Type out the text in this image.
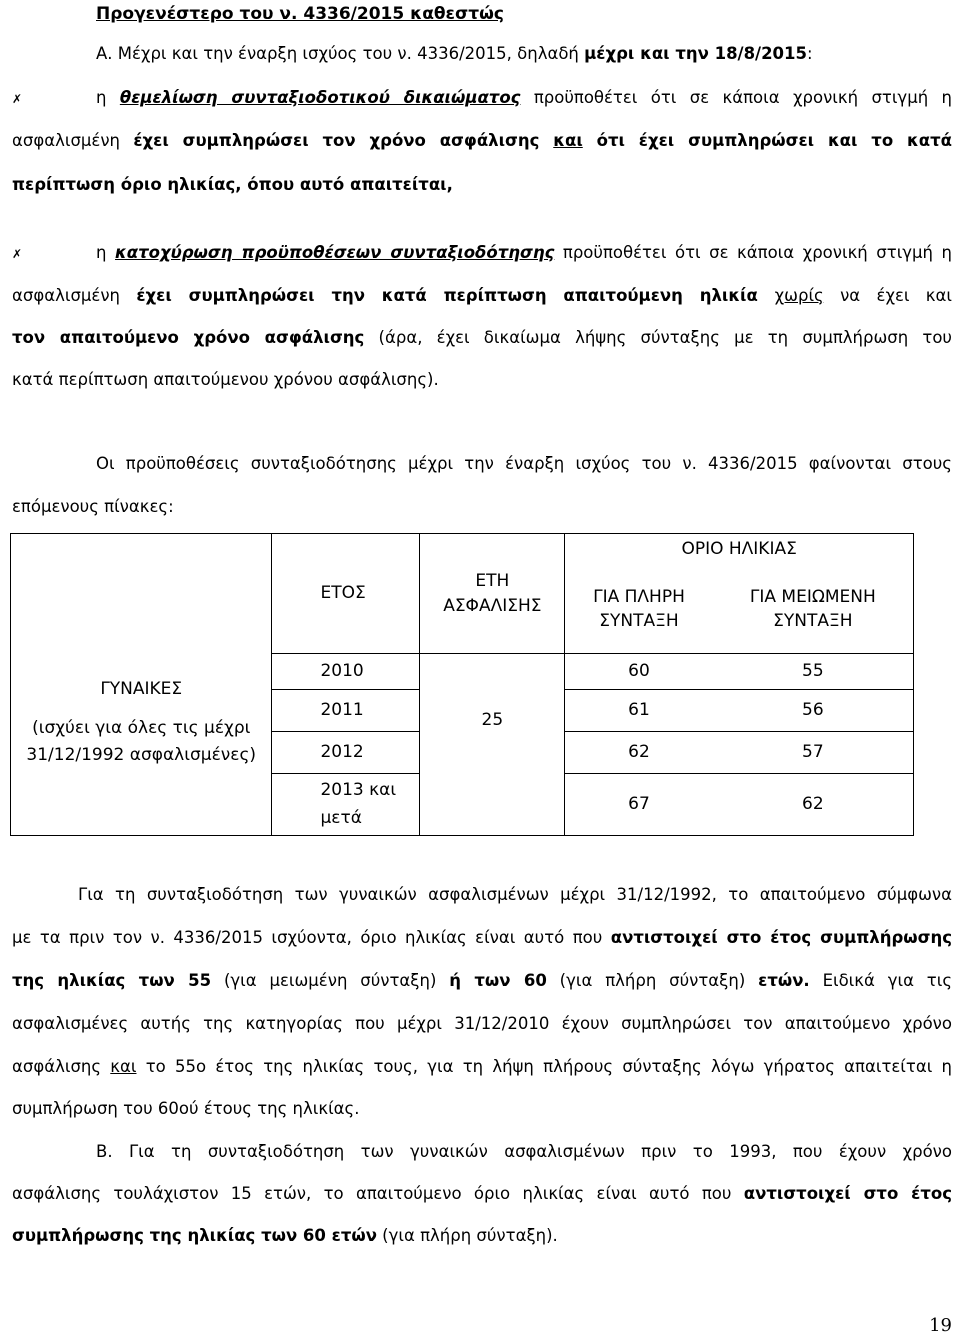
Προγενέστερο του ν. 4336/2015 καθεστώς
Α. Μέχρι και την έναρξη ισχύος του ν. 4336/2015, δηλαδή μέχρι και την 18/8/2015:
✗	η θεμελίωση συνταξιοδοτικού δικαιώματος προϋποθέτει ότι σε κάποια χρονική στιγμή η
ασφαλισμένη έχει συμπληρώσει τον χρόνο ασφάλισης και ότι έχει συμπληρώσει και το κατά
περίπτωση όριο ηλικίας, όπου αυτό απαιτείται,
✗	η κατοχύρωση προϋποθέσεων συνταξιοδότησης προϋποθέτει ότι σε κάποια χρονική στιγμή η
ασφαλισμένη έχει συμπληρώσει την κατά περίπτωση απαιτούμενη ηλικία χωρίς να έχει και
τον απαιτούμενο χρόνο ασφάλισης (άρα, έχει δικαίωμα λήψης σύνταξης με τη συμπλήρωση του
κατά περίπτωση απαιτούμενου χρόνου ασφάλισης).
Οι προϋποθέσεις συνταξιοδότησης μέχρι την έναρξη ισχύος του ν. 4336/2015 φαίνονται στους
επόμενους πίνακες:
ΓΥΝΑΙΚΕΣ
(ισχύει για όλες τις μέχρι 31/12/1992 ασφαλισμένες)	ΕΤΟΣ	ΕΤΗ ΑΣΦΑΛΙΣΗΣ	ΟΡΙΟ ΗΛΙΚΙΑΣ	

			ΓΙΑ ΠΛΗΡΗ ΣΥΝΤΑΞΗ	ΓΙΑ ΜΕΙΩΜΕΝΗ ΣΥΝΤΑΞΗ

	2010		60	55
	2011	25	61	56
	2012		62	57

	2013 και μετά		67	62
Για τη συνταξιοδότηση των γυναικών ασφαλισμένων μέχρι 31/12/1992, το απαιτούμενο σύμφωνα
με τα πριν τον ν. 4336/2015 ισχύοντα, όριο ηλικίας είναι αυτό που αντιστοιχεί στο έτος συμπλήρωσης
της ηλικίας των 55 (για μειωμένη σύνταξη) ή των 60 (για πλήρη σύνταξη) ετών. Ειδικά για τις
ασφαλισμένες αυτής της κατηγορίας που μέχρι 31/12/2010 έχουν συμπληρώσει τον απαιτούμενο χρόνο
ασφάλισης και το 55ο έτος της ηλικίας τους, για τη λήψη πλήρους σύνταξης λόγω γήρατος απαιτείται η
συμπλήρωση του 60ού έτους της ηλικίας.
Β. Για τη συνταξιοδότηση των γυναικών ασφαλισμένων πριν το 1993, που έχουν χρόνο
ασφάλισης τουλάχιστον 15 ετών, το απαιτούμενο όριο ηλικίας είναι αυτό που αντιστοιχεί στο έτος
συμπλήρωσης της ηλικίας των 60 ετών (για πλήρη σύνταξη).
19
